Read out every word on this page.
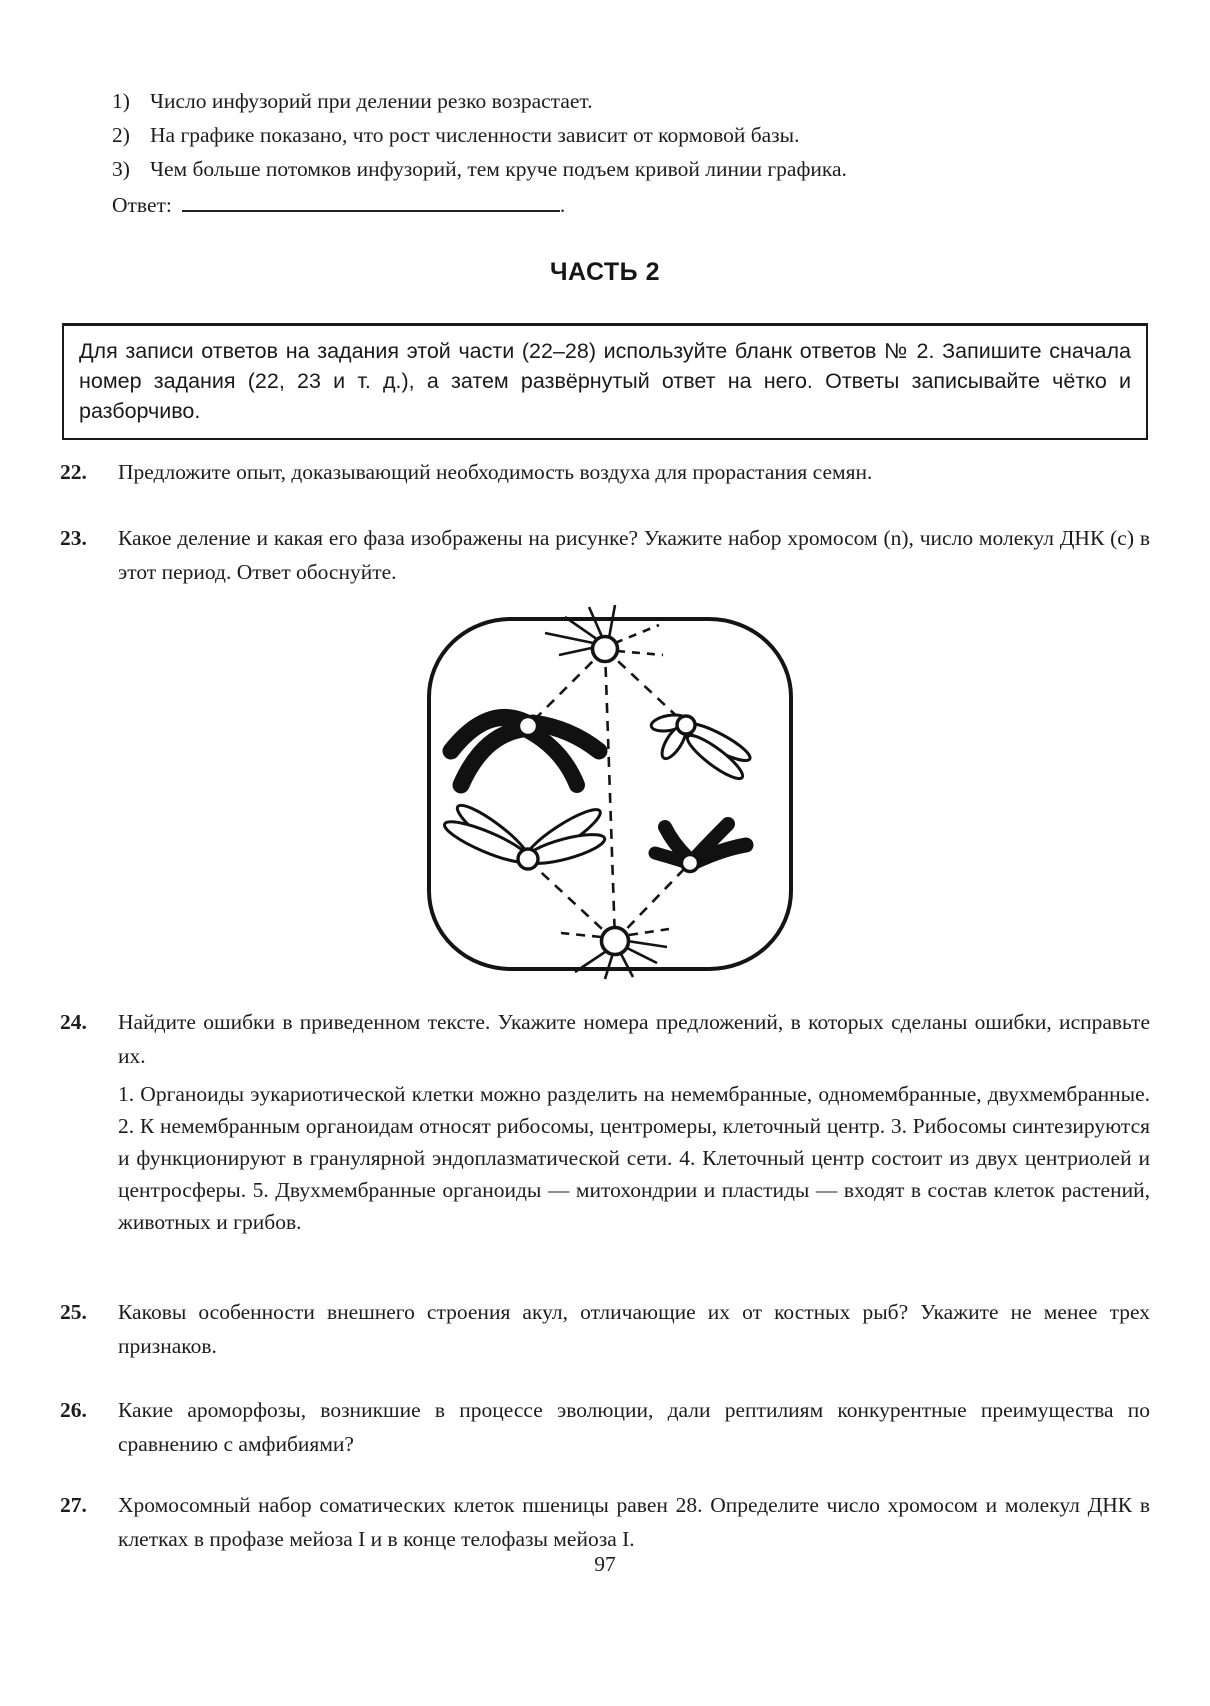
1) Число инфузорий при делении резко возрастает.
2) На графике показано, что рост численности зависит от кормовой базы.
3) Чем больше потомков инфузорий, тем круче подъем кривой линии графика.
Ответ:	.
ЧАСТЬ 2

Для записи ответов на задания этой части (22–28) используйте бланк ответов № 2. Запишите сначала номер задания (22, 23 и т. д.), а затем развёрнутый ответ на него. Ответы записывайте чётко и разборчиво.

22.	Предложите опыт, доказывающий необходимость воздуха для прорастания семян.
23.	Какое деление и какая его фаза изображены на рисунке? Укажите набор хромосом (n), число молекул ДНК (с) в этот период. Ответ обоснуйте.
24.	Найдите ошибки в приведенном тексте. Укажите номера предложений, в которых сделаны ошибки, исправьте их.
1. Органоиды эукариотической клетки можно разделить на немембранные, одномембранные, двухмембранные. 2. К немембранным органоидам относят рибосомы, центромеры, клеточный центр. 3. Рибосомы синтезируются и функционируют в гранулярной эндоплазматической сети. 4. Клеточный центр состоит из двух центриолей и центросферы. 5. Двухмембранные органоиды — митохондрии и пластиды — входят в состав клеток растений, животных и грибов.
25.	Каковы особенности внешнего строения акул, отличающие их от костных рыб? Укажите не менее трех признаков.
26.	Какие ароморфозы, возникшие в процессе эволюции, дали рептилиям конкурентные преимущества по сравнению с амфибиями?
27.	Хромосомный набор соматических клеток пшеницы равен 28. Определите число хромосом и молекул ДНК в клетках в профазе мейоза I и в конце телофазы мейоза I.
97
